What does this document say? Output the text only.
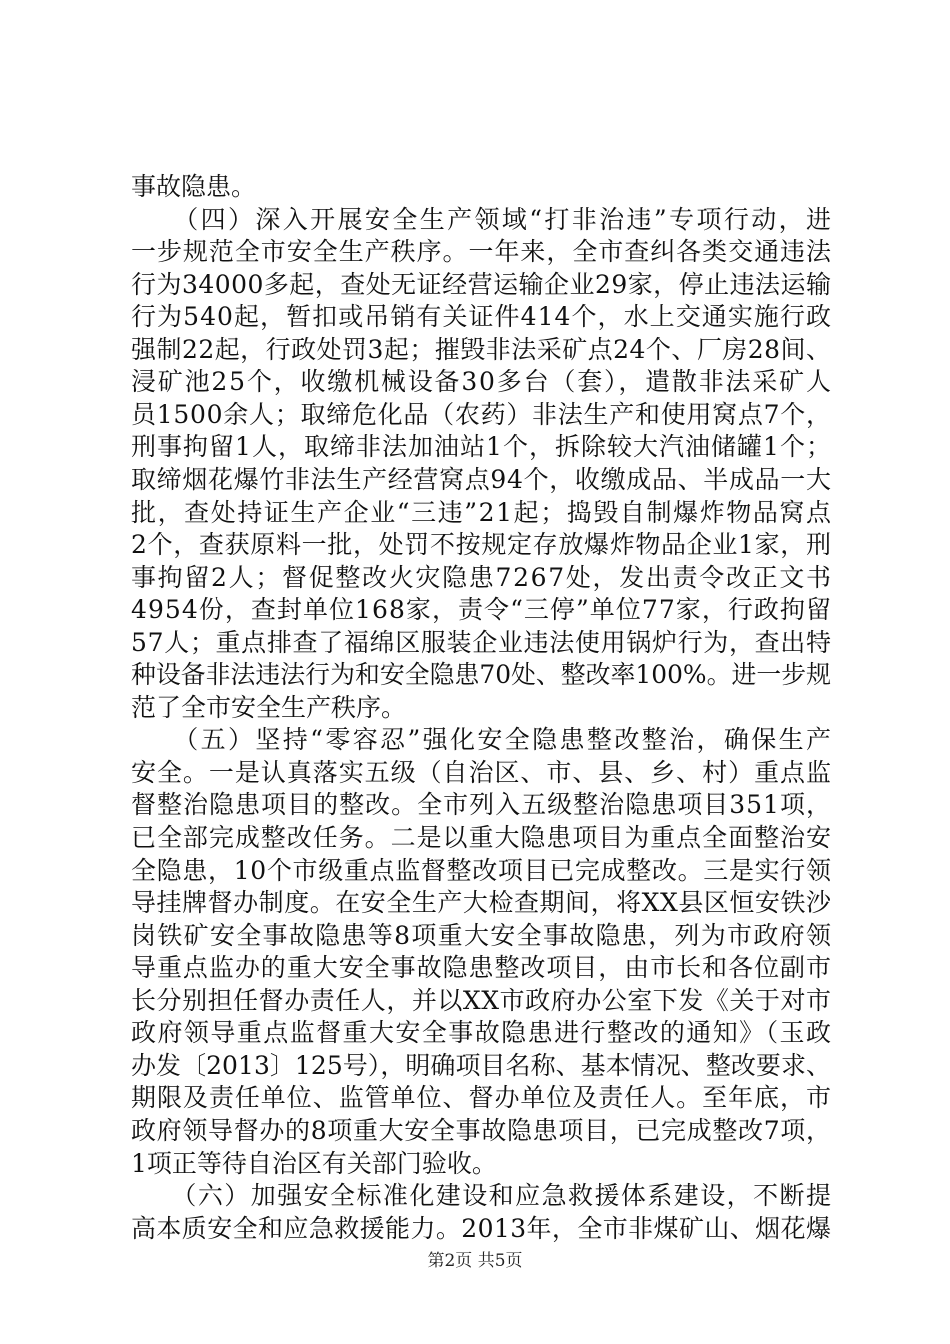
事故隐患。
　　（四）深入开展安全生产领域“打非治违”专项行动，进
一步规范全市安全生产秩序。一年来，全市查纠各类交通违法
行为34000多起，查处无证经营运输企业29家，停止违法运输
行为540起，暂扣或吊销有关证件414个，水上交通实施行政
强制22起，行政处罚3起；摧毁非法采矿点24个、厂房28间、
浸矿池25个，收缴机械设备30多台（套），遣散非法采矿人
员1500余人；取缔危化品（农药）非法生产和使用窝点7个，
刑事拘留1人，取缔非法加油站1个，拆除较大汽油储罐1个；
取缔烟花爆竹非法生产经营窝点94个，收缴成品、半成品一大
批，查处持证生产企业“三违”21起；捣毁自制爆炸物品窝点
2个，查获原料一批，处罚不按规定存放爆炸物品企业1家，刑
事拘留2人；督促整改火灾隐患7267处，发出责令改正文书
4954份，查封单位168家，责令“三停”单位77家，行政拘留
57人；重点排查了福绵区服装企业违法使用锅炉行为，查出特
种设备非法违法行为和安全隐患70处、整改率100%。进一步规
范了全市安全生产秩序。
　　（五）坚持“零容忍”强化安全隐患整改整治，确保生产
安全。一是认真落实五级（自治区、市、县、乡、村）重点监
督整治隐患项目的整改。全市列入五级整治隐患项目351项，
已全部完成整改任务。二是以重大隐患项目为重点全面整治安
全隐患，10个市级重点监督整改项目已完成整改。三是实行领
导挂牌督办制度。在安全生产大检查期间，将XX县区恒安铁沙
岗铁矿安全事故隐患等8项重大安全事故隐患，列为市政府领
导重点监办的重大安全事故隐患整改项目，由市长和各位副市
长分别担任督办责任人，并以XX市政府办公室下发《关于对市
政府领导重点监督重大安全事故隐患进行整改的通知》（玉政
办发〔2013〕125号），明确项目名称、基本情况、整改要求、
期限及责任单位、监管单位、督办单位及责任人。至年底，市
政府领导督办的8项重大安全事故隐患项目，已完成整改7项，
1项正等待自治区有关部门验收。
　　（六）加强安全标准化建设和应急救援体系建设，不断提
高本质安全和应急救援能力。2013年，全市非煤矿山、烟花爆
第2页 共5页
